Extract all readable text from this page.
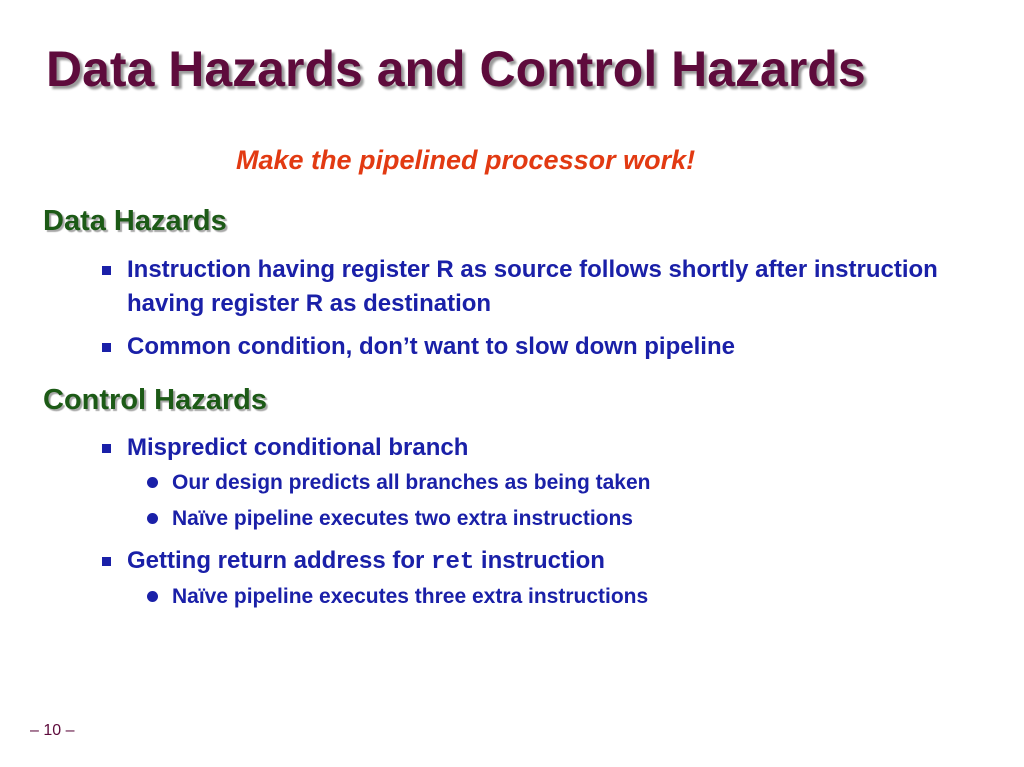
Data Hazards and Control Hazards

Make the pipelined processor work!

Data Hazards

Instruction having register R as source follows shortly after instruction having register R as destination

Common condition, don’t want to slow down pipeline

Control Hazards

Mispredict conditional branch

Our design predicts all branches as being taken

Naïve pipeline executes two extra instructions

Getting return address for ret instruction

Naïve pipeline executes three extra instructions

– 10 –
